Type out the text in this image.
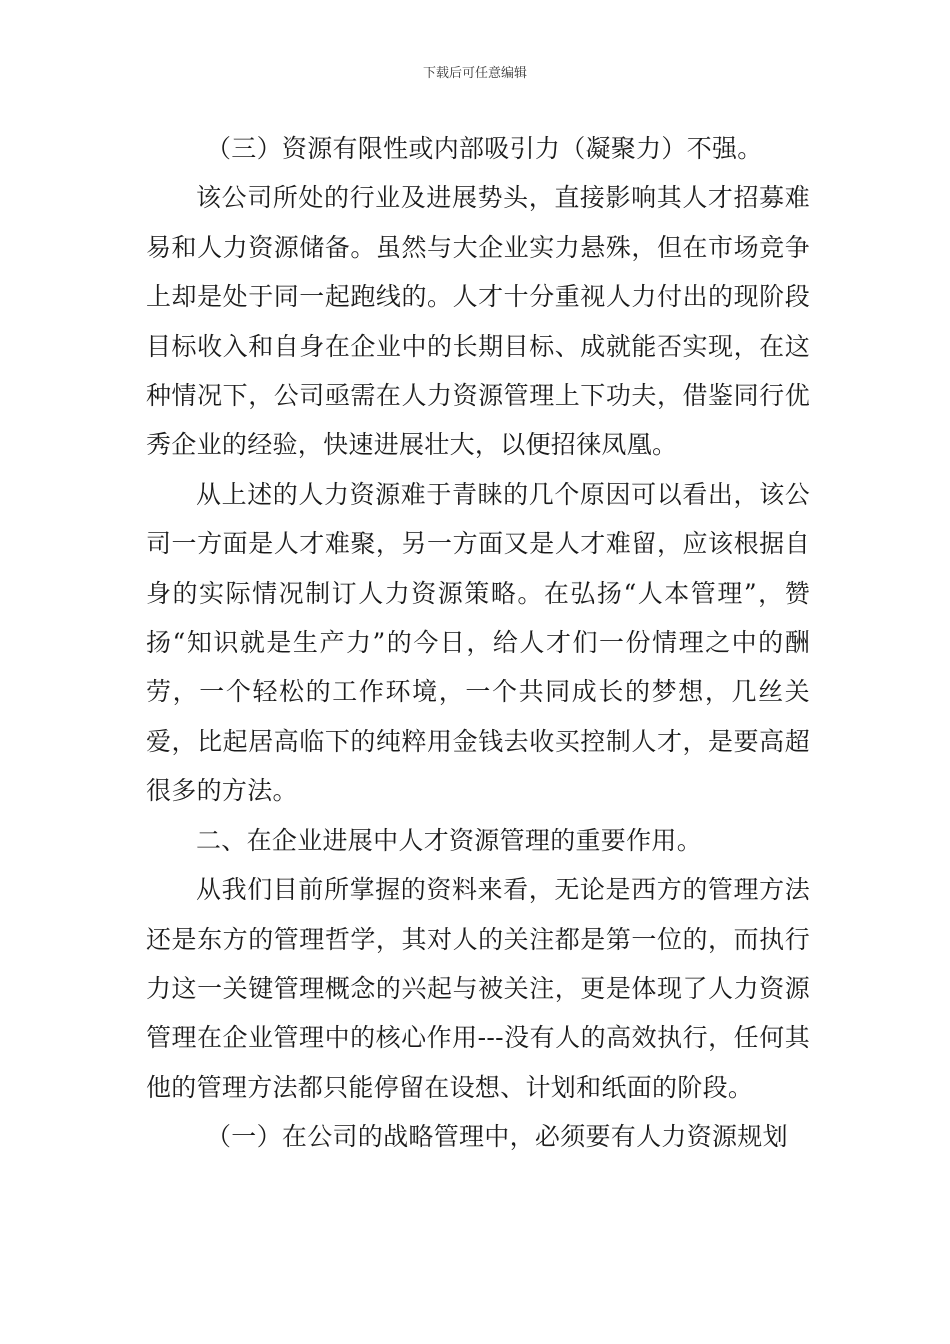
下载后可任意编辑

（三）资源有限性或内部吸引力（凝聚力）不强。

该公司所处的行业及进展势头，直接影响其人才招募难易和人力资源储备。虽然与大企业实力悬殊，但在市场竞争上却是处于同一起跑线的。人才十分重视人力付出的现阶段目标收入和自身在企业中的长期目标、成就能否实现，在这种情况下，公司亟需在人力资源管理上下功夫，借鉴同行优秀企业的经验，快速进展壮大，以便招徕凤凰。

从上述的人力资源难于青睐的几个原因可以看出，该公司一方面是人才难聚，另一方面又是人才难留，应该根据自身的实际情况制订人力资源策略。在弘扬“人本管理”，赞扬“知识就是生产力”的今日，给人才们一份情理之中的酬劳，一个轻松的工作环境，一个共同成长的梦想，几丝关爱，比起居高临下的纯粹用金钱去收买控制人才，是要高超很多的方法。

二、在企业进展中人才资源管理的重要作用。

从我们目前所掌握的资料来看，无论是西方的管理方法还是东方的管理哲学，其对人的关注都是第一位的，而执行力这一关键管理概念的兴起与被关注，更是体现了人力资源管理在企业管理中的核心作用---没有人的高效执行，任何其他的管理方法都只能停留在设想、计划和纸面的阶段。

（一）在公司的战略管理中，必须要有人力资源规划
